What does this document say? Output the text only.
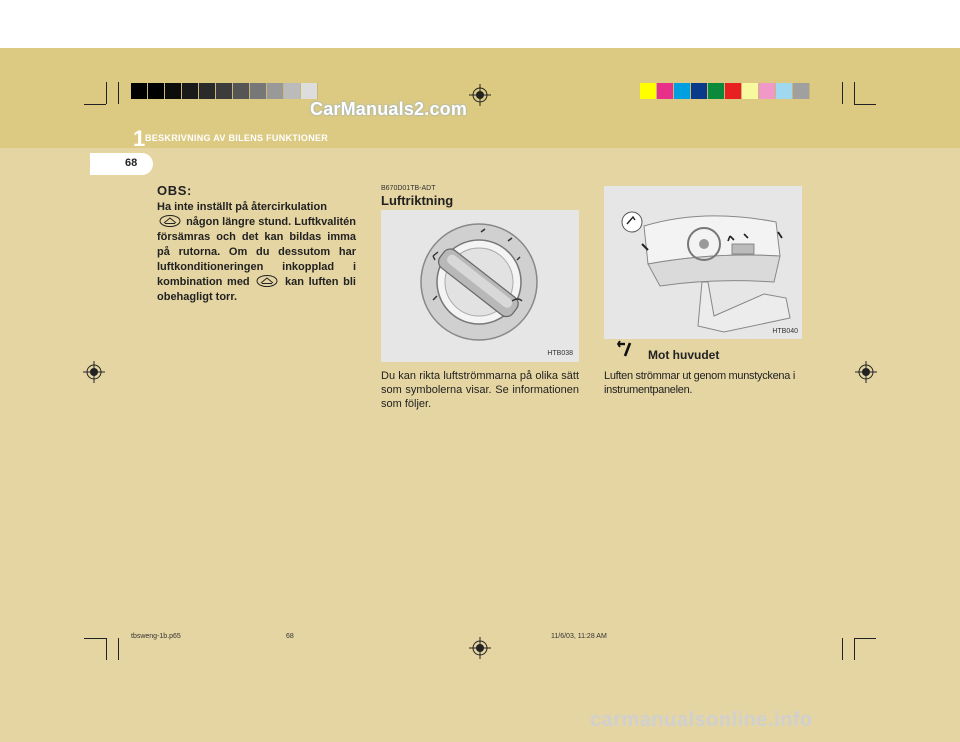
CarManuals2.com
1 BESKRIVNING AV BILENS FUNKTIONER
68
OBS:
Ha inte inställt på återcirkulation
någon längre stund. Luftkvalitén försämras och det kan bildas imma på rutorna. Om du dessutom har luftkonditioneringen inkopplad i kombination med	kan luften bli obehagligt torr.
B670D01TB-ADT
Luftriktning
HTB038
Du kan rikta luftströmmarna på olika sätt som symbolerna visar. Se informationen som följer.
HTB040
Mot huvudet
Luften strömmar ut genom munstyckena i instrumentpanelen.
tbsweng-1b.p65	68	11/6/03, 11:28 AM
carmanualsonline.info
